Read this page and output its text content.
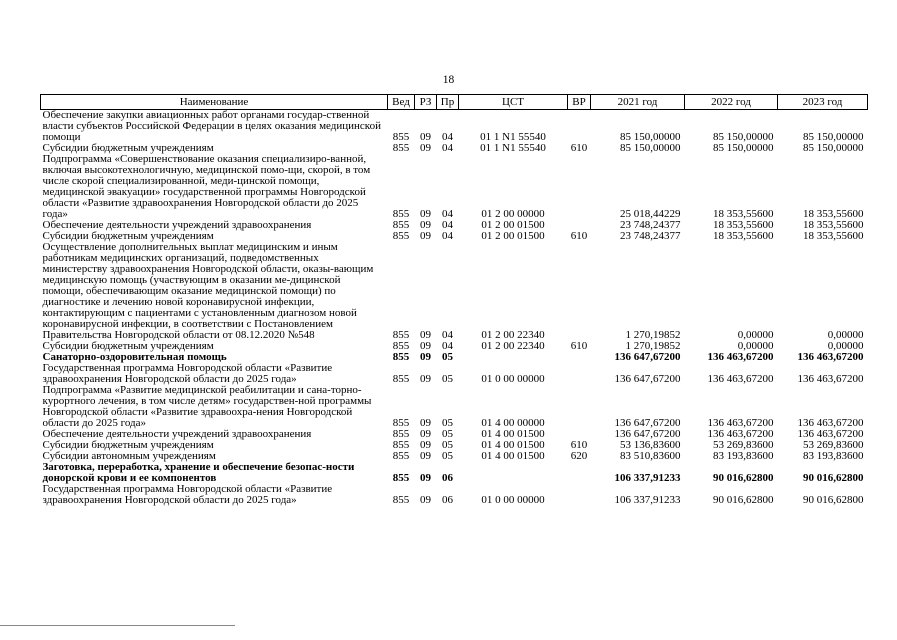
18
Наименование	Вед	РЗ	Пр	ЦСТ	ВР	2021 год	2022 год	2023 год
Обеспечение закупки авиационных работ органами государ-ственной власти субъектов Российской Федерации в целях оказания медицинской помощи	855	09	04	01 1 N1 55540		85 150,00000	85 150,00000	85 150,00000
Субсидии бюджетным учреждениям	855	09	04	01 1 N1 55540	610	85 150,00000	85 150,00000	85 150,00000
Подпрограмма «Совершенствование оказания специализиро-ванной, включая высокотехнологичную, медицинской помо-щи, скорой, в том числе скорой специализированной, меди-цинской помощи, медицинской эвакуации» государственной программы Новгородской области «Развитие здравоохранения Новгородской области до 2025 года»	855	09	04	01 2 00 00000		25 018,44229	18 353,55600	18 353,55600
Обеспечение деятельности учреждений здравоохранения	855	09	04	01 2 00 01500		23 748,24377	18 353,55600	18 353,55600
Субсидии бюджетным учреждениям	855	09	04	01 2 00 01500	610	23 748,24377	18 353,55600	18 353,55600
Осуществление дополнительных выплат медицинским и иным работникам медицинских организаций, подведомственных министерству здравоохранения Новгородской области, оказы-вающим медицинскую помощь (участвующим в оказании ме-дицинской помощи, обеспечивающим оказание медицинской помощи) по диагностике и лечению новой коронавирусной инфекции, контактирующим с пациентами с установленным диагнозом новой коронавирусной инфекции, в соответствии с Постановлением Правительства Новгородской области от 08.12.2020 №548	855	09	04	01 2 00 22340		1 270,19852	0,00000	0,00000
Субсидии бюджетным учреждениям	855	09	04	01 2 00 22340	610	1 270,19852	0,00000	0,00000
Санаторно-оздоровительная помощь	855	09	05			136 647,67200	136 463,67200	136 463,67200
Государственная программа Новгородской области «Развитие здравоохранения Новгородской области до 2025 года»	855	09	05	01 0 00 00000		136 647,67200	136 463,67200	136 463,67200
Подпрограмма «Развитие медицинской реабилитации и сана-торно-курортного лечения, в том числе детям» государствен-ной программы Новгородской области «Развитие здравоохра-нения Новгородской области до 2025 года»	855	09	05	01 4 00 00000		136 647,67200	136 463,67200	136 463,67200
Обеспечение деятельности учреждений здравоохранения	855	09	05	01 4 00 01500		136 647,67200	136 463,67200	136 463,67200
Субсидии бюджетным учреждениям	855	09	05	01 4 00 01500	610	53 136,83600	53 269,83600	53 269,83600
Субсидии автономным учреждениям	855	09	05	01 4 00 01500	620	83 510,83600	83 193,83600	83 193,83600
Заготовка, переработка, хранение и обеспечение безопас-ности донорской крови и ее компонентов	855	09	06			106 337,91233	90 016,62800	90 016,62800
Государственная программа Новгородской области «Развитие здравоохранения Новгородской области до 2025 года»	855	09	06	01 0 00 00000		106 337,91233	90 016,62800	90 016,62800
